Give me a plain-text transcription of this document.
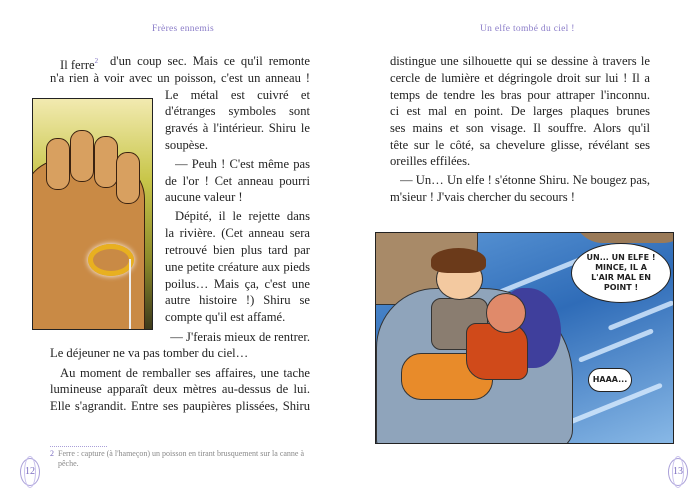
Frères ennemis
Il ferre$^2$ d'un coup sec. Mais ce qu'il remonte
n'a rien à voir avec un poisson, c'est un anneau !
Le métal est cuivré et
d'étranges symboles sont
gravés à l'intérieur. Shiru le
soupèse.
— Peuh ! C'est même pas
de l'or ! Cet anneau pourri
aucune valeur !
Dépité, il le rejette dans
la rivière. (Cet anneau sera
retrouvé bien plus tard par
une petite créature aux pieds
poilus… Mais ça, c'est une
autre histoire !) Shiru se
compte qu'il est affamé.
— J'ferais mieux de rentrer.
Le déjeuner ne va pas tomber du ciel…
Au moment de remballer ses affaires, une tache
lumineuse apparaît deux mètres au-dessus de lui.
Elle s'agrandit. Entre ses paupières plissées, Shiru
2 Ferre : capture (à l'hameçon) un poisson en tirant brusquement sur la canne à pêche.
12
Un elfe tombé du ciel !
distingue une silhouette qui se dessine à travers le
cercle de lumière et dégringole droit sur lui ! Il a
temps de tendre les bras pour attraper l'inconnu.
ci est mal en point. De larges plaques brunes
ses mains et son visage. Il souffre. Alors qu'il
tête sur le côté, sa chevelure glisse, révélant ses
oreilles effilées.
— Un… Un elfe ! s'étonne Shiru. Ne bougez pas,
m'sieur ! J'vais chercher du secours !
13
UN... UN ELFE ! MINCE, IL A L'AIR MAL EN POINT !
HAAA...
